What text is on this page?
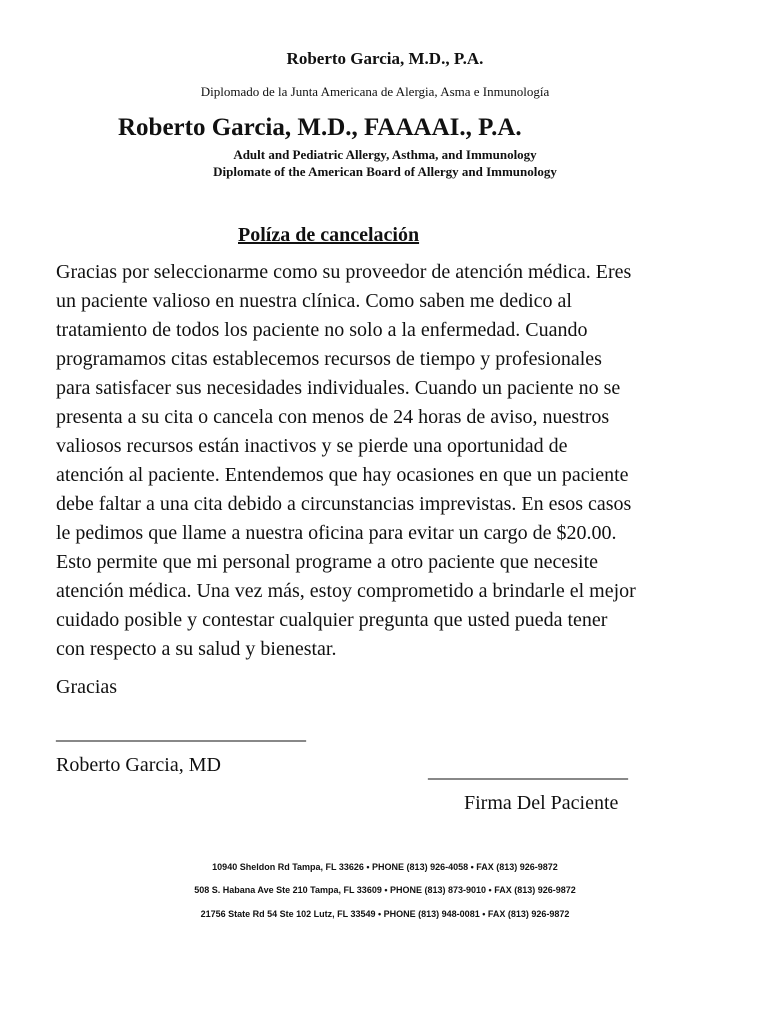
Roberto Garcia, M.D., P.A.
Diplomado de la Junta Americana de Alergia, Asma e Inmunología
Roberto Garcia, M.D., FAAAAI., P.A.
Adult and Pediatric Allergy, Asthma, and Immunology
Diplomate of the American Board of Allergy and Immunology
Políza de cancelación
Gracias por seleccionarme como su proveedor de atención médica. Eres
un paciente valioso en nuestra clínica. Como saben me dedico al
tratamiento de todos los paciente no solo a la enfermedad. Cuando
programamos citas establecemos recursos de tiempo y profesionales
para satisfacer sus necesidades individuales. Cuando un paciente no se
presenta a su cita o cancela con menos de 24 horas de aviso, nuestros
valiosos recursos están inactivos y se pierde una oportunidad de
atención al paciente. Entendemos que hay ocasiones en que un paciente
debe faltar a una cita debido a circunstancias imprevistas. En esos casos
le pedimos que llame a nuestra oficina para evitar un cargo de $20.00.
Esto permite que mi personal programe a otro paciente que necesite
atención médica. Una vez más, estoy comprometido a brindarle el mejor
cuidado posible y contestar cualquier pregunta que usted pueda tener
con respecto a su salud y bienestar.
Gracias
_________________________
Roberto Garcia, MD	____________________
Firma Del Paciente
10940 Sheldon Rd Tampa, FL 33626 • PHONE (813) 926-4058 • FAX (813) 926-9872
508 S. Habana Ave Ste 210 Tampa, FL 33609 • PHONE (813) 873-9010 • FAX (813) 926-9872
21756 State Rd 54 Ste 102 Lutz, FL 33549 • PHONE (813) 948-0081 • FAX (813) 926-9872
